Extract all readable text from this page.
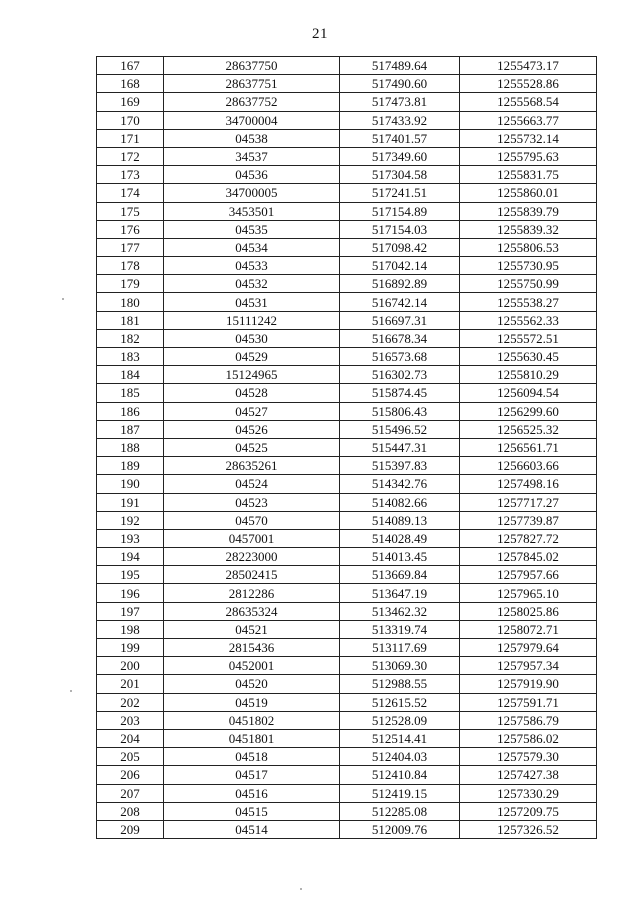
21
167	28637750	517489.64	1255473.17
168	28637751	517490.60	1255528.86
169	28637752	517473.81	1255568.54
170	34700004	517433.92	1255663.77
171	04538	517401.57	1255732.14
172	34537	517349.60	1255795.63
173	04536	517304.58	1255831.75
174	34700005	517241.51	1255860.01
175	3453501	517154.89	1255839.79
176	04535	517154.03	1255839.32
177	04534	517098.42	1255806.53
178	04533	517042.14	1255730.95
179	04532	516892.89	1255750.99
180	04531	516742.14	1255538.27
181	15111242	516697.31	1255562.33
182	04530	516678.34	1255572.51
183	04529	516573.68	1255630.45
184	15124965	516302.73	1255810.29
185	04528	515874.45	1256094.54
186	04527	515806.43	1256299.60
187	04526	515496.52	1256525.32
188	04525	515447.31	1256561.71
189	28635261	515397.83	1256603.66
190	04524	514342.76	1257498.16
191	04523	514082.66	1257717.27
192	04570	514089.13	1257739.87
193	0457001	514028.49	1257827.72
194	28223000	514013.45	1257845.02
195	28502415	513669.84	1257957.66
196	2812286	513647.19	1257965.10
197	28635324	513462.32	1258025.86
198	04521	513319.74	1258072.71
199	2815436	513117.69	1257979.64
200	0452001	513069.30	1257957.34
201	04520	512988.55	1257919.90
202	04519	512615.52	1257591.71
203	0451802	512528.09	1257586.79
204	0451801	512514.41	1257586.02
205	04518	512404.03	1257579.30
206	04517	512410.84	1257427.38
207	04516	512419.15	1257330.29
208	04515	512285.08	1257209.75
209	04514	512009.76	1257326.52
